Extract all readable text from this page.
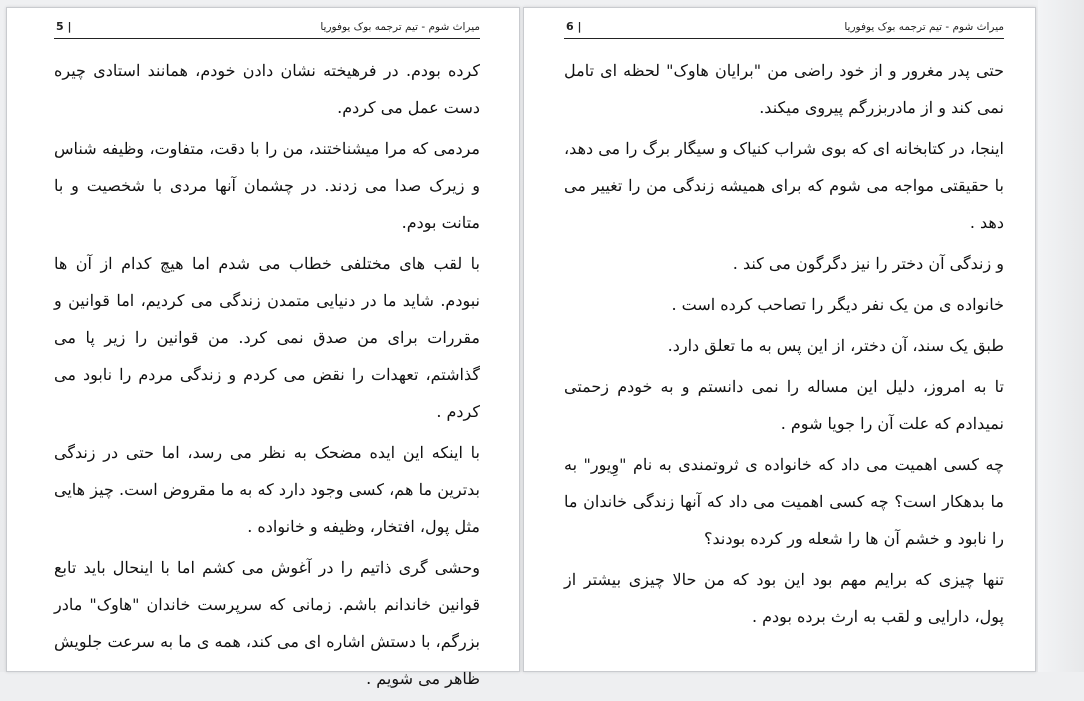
5 |	میراث شوم - تیم ترجمه بوک یوفوریا

کرده بودم. در فرهیخته نشان دادن خودم، همانند استادی چیره دست عمل می کردم.

مردمی که مرا میشناختند، من را با دقت، متفاوت، وظیفه شناس و زیرک صدا می زدند. در چشمان آنها مردی با شخصیت و با متانت بودم.

با لقب های مختلفی خطاب می شدم اما هیچ کدام از آن ها نبودم. شاید ما در دنیایی متمدن زندگی می کردیم، اما قوانین و مقررات برای من صدق نمی کرد. من قوانین را زیر پا می گذاشتم، تعهدات را نقض می کردم و زندگی مردم را نابود می کردم .

با اینکه این ایده مضحک به نظر می رسد، اما حتی در زندگی بدترین ما هم، کسی وجود دارد که به ما مقروض است. چیز هایی مثل پول، افتخار، وظیفه و خانواده .

وحشی گری ذاتیم را در آغوش می کشم اما با اینحال باید تابع قوانین خاندانم باشم. زمانی که سرپرست خاندان "هاوک" مادر بزرگم، با دستش اشاره ای می کند، همه ی ما به سرعت جلویش ظاهر می شویم .

6 |	میراث شوم - تیم ترجمه بوک یوفوریا

حتی پدر مغرور و از خود راضی من "برایان هاوک" لحظه ای تامل نمی کند و از مادربزرگم پیروی میکند.

اینجا، در کتابخانه ای که بوی شراب کنیاک و سیگار برگ را می دهد، با حقیقتی مواجه می شوم که برای همیشه زندگی من را تغییر می دهد .

و زندگی آن دختر را نیز دگرگون می کند .

خانواده ی من یک نفر دیگر را تصاحب کرده است .

طبق یک سند، آن دختر، از این پس به ما تعلق دارد.

تا به امروز، دلیل این مساله را نمی دانستم و به خودم زحمتی نمیدادم که علت آن را جویا شوم .

چه کسی اهمیت می داد که خانواده ی ثروتمندی به نام "وِیور" به ما بدهکار است؟ چه کسی اهمیت می داد که آنها زندگی خاندان ما را نابود و خشم آن ها را شعله ور کرده بودند؟

تنها چیزی که برایم مهم بود این بود که من حالا چیزی بیشتر از پول، دارایی و لقب به ارث برده بودم .
